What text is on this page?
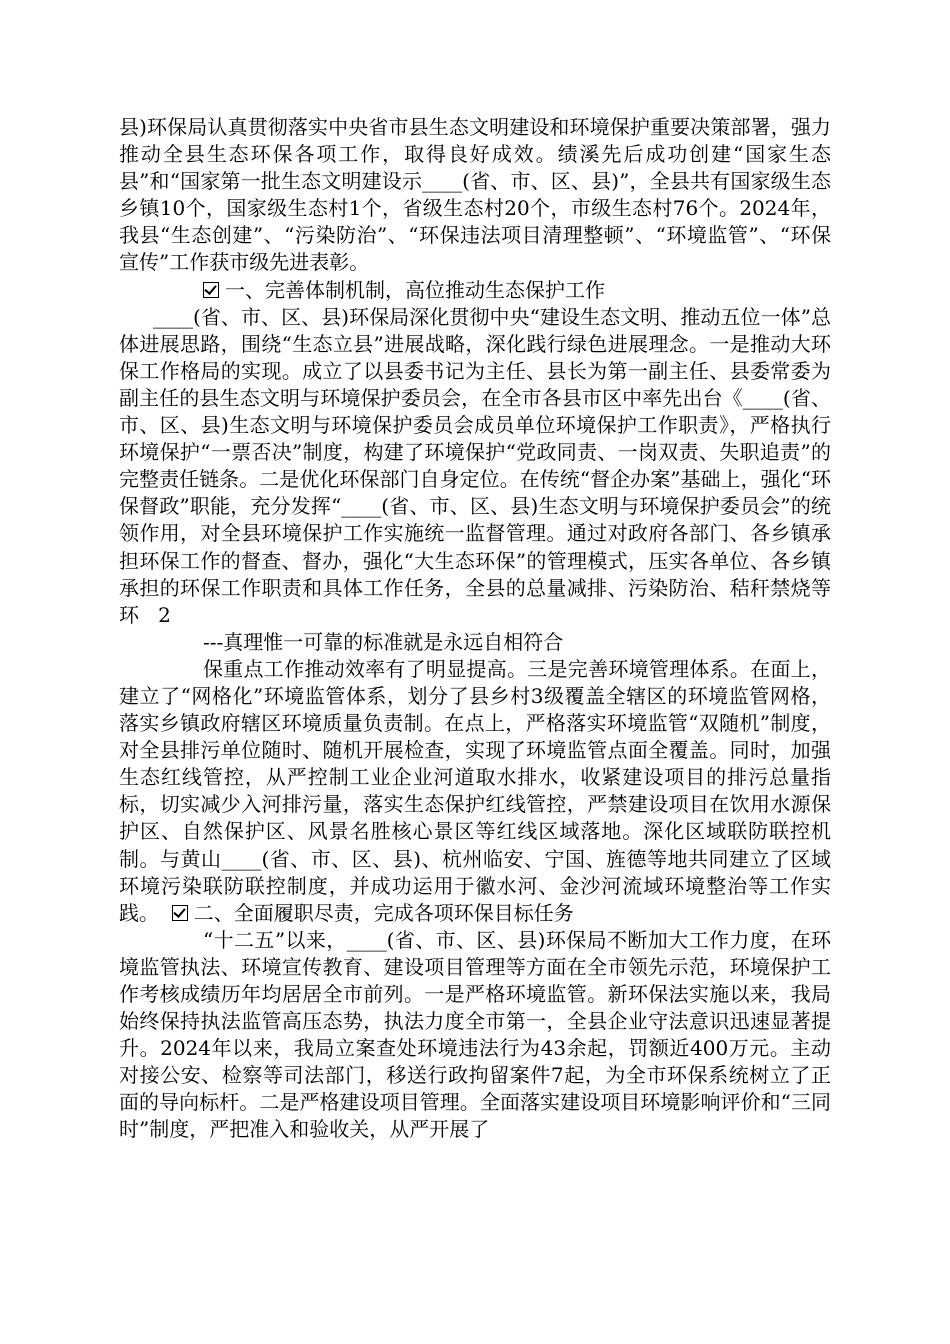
县)环保局认真贯彻落实中央省市县生态文明建设和环境保护重要决策部署，强力推动全县生态环保各项工作，取得良好成效。绩溪先后成功创建“国家生态县”和“国家第一批生态文明建设示____(省、市、区、县)”，全县共有国家级生态乡镇10个，国家级生态村1个，省级生态村20个，市级生态村76个。2024年，我县“生态创建”、“污染防治”、“环保违法项目清理整顿”、“环境监管”、“环保宣传”工作获市级先进表彰。

一、完善体制机制，高位推动生态保护工作

____(省、市、区、县)环保局深化贯彻中央“建设生态文明、推动五位一体”总体进展思路，围绕“生态立县”进展战略，深化践行绿色进展理念。一是推动大环保工作格局的实现。成立了以县委书记为主任、县长为第一副主任、县委常委为副主任的县生态文明与环境保护委员会，在全市各县市区中率先出台《____(省、市、区、县)生态文明与环境保护委员会成员单位环境保护工作职责》，严格执行环境保护“一票否决”制度，构建了环境保护“党政同责、一岗双责、失职追责”的完整责任链条。二是优化环保部门自身定位。在传统“督企办案”基础上，强化“环保督政”职能，充分发挥“____(省、市、区、县)生态文明与环境保护委员会”的统领作用，对全县环境保护工作实施统一监督管理。通过对政府各部门、各乡镇承担环保工作的督查、督办，强化“大生态环保”的管理模式，压实各单位、各乡镇承担的环保工作职责和具体工作任务，全县的总量减排、污染防治、秸秆禁烧等环 2

---真理惟一可靠的标准就是永远自相符合

保重点工作推动效率有了明显提高。三是完善环境管理体系。在面上，建立了“网格化”环境监管体系，划分了县乡村3级覆盖全辖区的环境监管网格，落实乡镇政府辖区环境质量负责制。在点上，严格落实环境监管“双随机”制度，对全县排污单位随时、随机开展检查，实现了环境监管点面全覆盖。同时，加强生态红线管控，从严控制工业企业河道取水排水，收紧建设项目的排污总量指标，切实减少入河排污量，落实生态保护红线管控，严禁建设项目在饮用水源保护区、自然保护区、风景名胜核心景区等红线区域落地。深化区域联防联控机制。与黄山____(省、市、区、县)、杭州临安、宁国、旌德等地共同建立了区域环境污染联防联控制度，并成功运用于徽水河、金沙河流域环境整治等工作实践。 二、全面履职尽责，完成各项环保目标任务

“十二五”以来，____(省、市、区、县)环保局不断加大工作力度，在环境监管执法、环境宣传教育、建设项目管理等方面在全市领先示范，环境保护工作考核成绩历年均居居全市前列。一是严格环境监管。新环保法实施以来，我局始终保持执法监管高压态势，执法力度全市第一，全县企业守法意识迅速显著提升。2024年以来，我局立案查处环境违法行为43余起，罚额近400万元。主动对接公安、检察等司法部门，移送行政拘留案件7起，为全市环保系统树立了正面的导向标杆。二是严格建设项目管理。全面落实建设项目环境影响评价和“三同时”制度，严把准入和验收关，从严开展了
